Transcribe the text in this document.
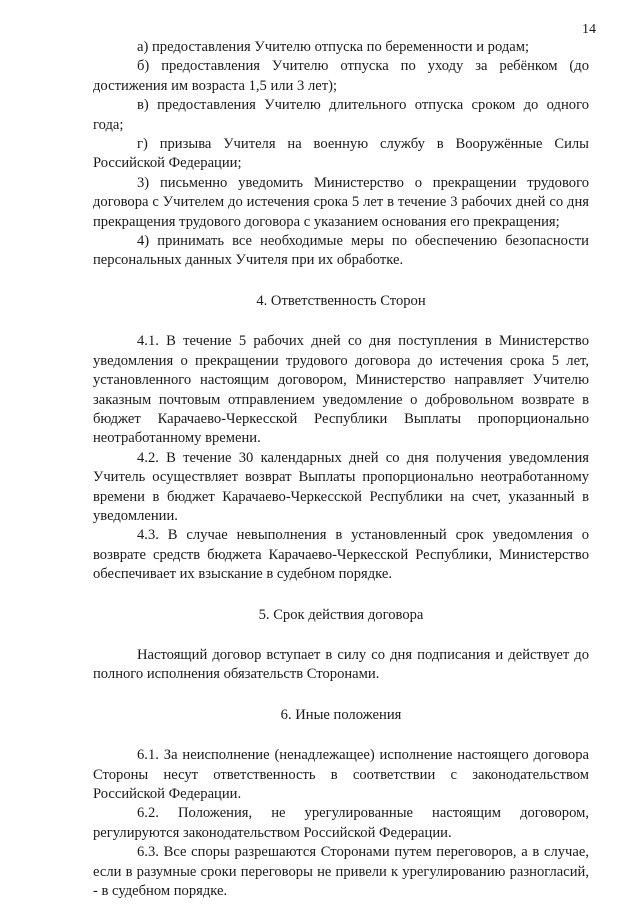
14

а) предоставления Учителю отпуска по беременности и родам;

б) предоставления Учителю отпуска по уходу за ребёнком (до достижения им возраста 1,5 или 3 лет);

в) предоставления Учителю длительного отпуска сроком до одного года;

г) призыва Учителя на военную службу в Вооружённые Силы Российской Федерации;

3) письменно уведомить Министерство о прекращении трудового договора с Учителем до истечения срока 5 лет в течение 3 рабочих дней со дня прекращения трудового договора с указанием основания его прекращения;

4) принимать все необходимые меры по обеспечению безопасности персональных данных Учителя при их обработке.

4. Ответственность Сторон

4.1. В течение 5 рабочих дней со дня поступления в Министерство уведомления о прекращении трудового договора до истечения срока 5 лет, установленного настоящим договором, Министерство направляет Учителю заказным почтовым отправлением уведомление о добровольном возврате в бюджет Карачаево-Черкесской Республики Выплаты пропорционально неотработанному времени.

4.2. В течение 30 календарных дней со дня получения уведомления Учитель осуществляет возврат Выплаты пропорционально неотработанному времени в бюджет Карачаево-Черкесской Республики на счет, указанный в уведомлении.

4.3. В случае невыполнения в установленный срок уведомления о возврате средств бюджета Карачаево-Черкесской Республики, Министерство обеспечивает их взыскание в судебном порядке.

5. Срок действия договора

Настоящий договор вступает в силу со дня подписания и действует до полного исполнения обязательств Сторонами.

6. Иные положения

6.1. За неисполнение (ненадлежащее) исполнение настоящего договора Стороны несут ответственность в соответствии с законодательством Российской Федерации.

6.2. Положения, не урегулированные настоящим договором, регулируются законодательством Российской Федерации.

6.3. Все споры разрешаются Сторонами путем переговоров, а в случае, если в разумные сроки переговоры не привели к урегулированию разногласий, - в судебном порядке.
